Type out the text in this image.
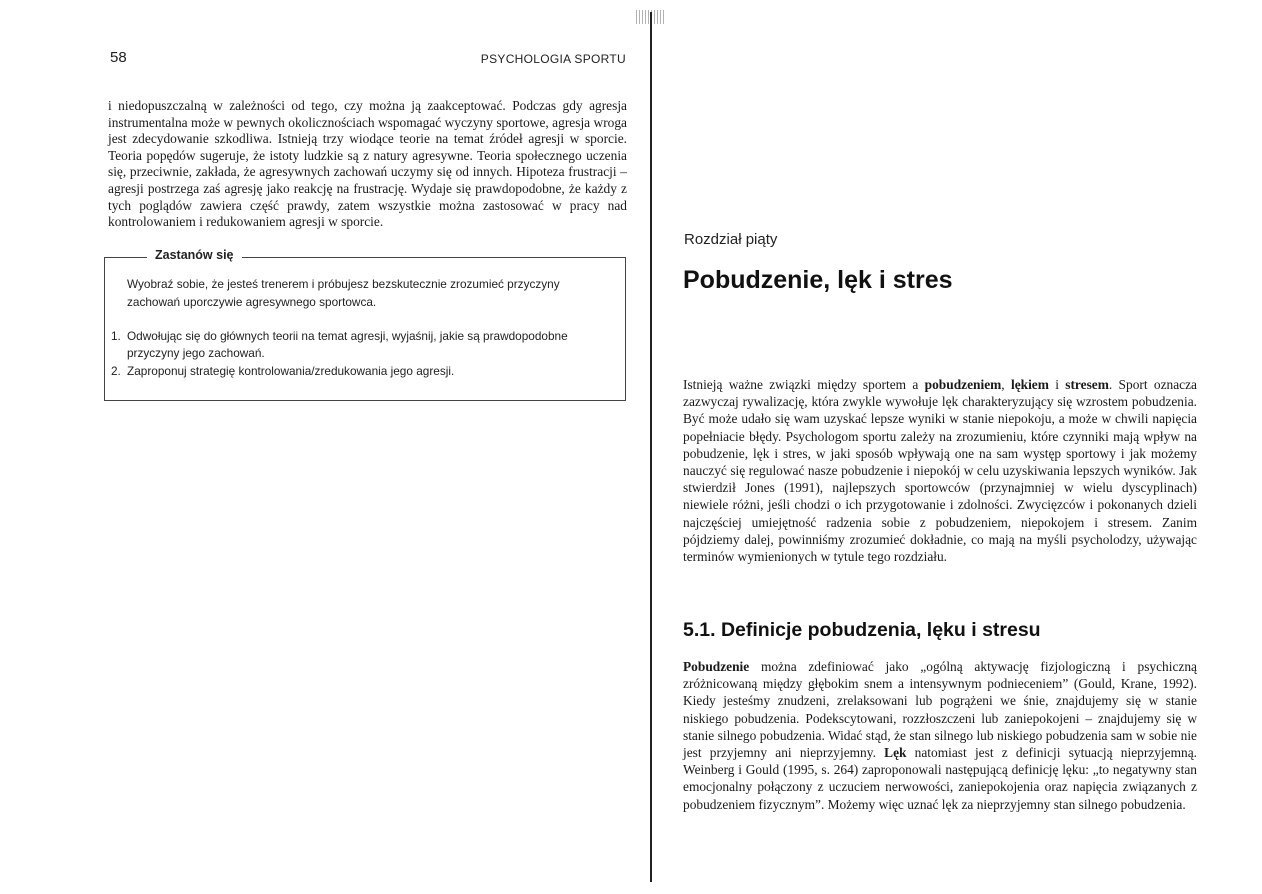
58	PSYCHOLOGIA SPORTU

i niedopuszczalną w zależności od tego, czy można ją zaakceptować. Podczas gdy agresja instrumentalna może w pewnych okolicznościach wspomagać wyczyny sportowe, agresja wroga jest zdecydowanie szkodliwa. Istnieją trzy wiodące teorie na temat źródeł agresji w sporcie. Teoria popędów sugeruje, że istoty ludzkie są z natury agresywne. Teoria społecznego uczenia się, przeciwnie, zakłada, że agresywnych zachowań uczymy się od innych. Hipoteza frustracji – agresji postrzega zaś agresję jako reakcję na frustrację. Wydaje się prawdopodobne, że każdy z tych poglądów zawiera część prawdy, zatem wszystkie można zastosować w pracy nad kontrolowaniem i redukowaniem agresji w sporcie.

Zastanów się

Wyobraź sobie, że jesteś trenerem i próbujesz bezskutecznie zrozumieć przyczyny zachowań uporczywie agresywnego sportowca.

1. Odwołując się do głównych teorii na temat agresji, wyjaśnij, jakie są prawdopodobne przyczyny jego zachowań.
2. Zaproponuj strategię kontrolowania/zredukowania jego agresji.
Rozdział piąty
Pobudzenie, lęk i stres

Istnieją ważne związki między sportem a pobudzeniem, lękiem i stresem. Sport oznacza zazwyczaj rywalizację, która zwykle wywołuje lęk charakteryzujący się wzrostem pobudzenia. Być może udało się wam uzyskać lepsze wyniki w stanie niepokoju, a może w chwili napięcia popełniacie błędy. Psychologom sportu zależy na zrozumieniu, które czynniki mają wpływ na pobudzenie, lęk i stres, w jaki sposób wpływają one na sam występ sportowy i jak możemy nauczyć się regulować nasze pobudzenie i niepokój w celu uzyskiwania lepszych wyników. Jak stwierdził Jones (1991), najlepszych sportowców (przynajmniej w wielu dyscyplinach) niewiele różni, jeśli chodzi o ich przygotowanie i zdolności. Zwycięzców i pokonanych dzieli najczęściej umiejętność radzenia sobie z pobudzeniem, niepokojem i stresem. Zanim pójdziemy dalej, powinniśmy zrozumieć dokładnie, co mają na myśli psycholodzy, używając terminów wymienionych w tytule tego rozdziału.

5.1. Definicje pobudzenia, lęku i stresu

Pobudzenie można zdefiniować jako „ogólną aktywację fizjologiczną i psychiczną zróżnicowaną między głębokim snem a intensywnym podnieceniem” (Gould, Krane, 1992). Kiedy jesteśmy znudzeni, zrelaksowani lub pogrążeni we śnie, znajdujemy się w stanie niskiego pobudzenia. Podekscytowani, rozzłoszczeni lub zaniepokojeni – znajdujemy się w stanie silnego pobudzenia. Widać stąd, że stan silnego lub niskiego pobudzenia sam w sobie nie jest przyjemny ani nieprzyjemny. Lęk natomiast jest z definicji sytuacją nieprzyjemną. Weinberg i Gould (1995, s. 264) zaproponowali następującą definicję lęku: „to negatywny stan emocjonalny połączony z uczuciem nerwowości, zaniepokojenia oraz napięcia związanych z pobudzeniem fizycznym”. Możemy więc uznać lęk za nieprzyjemny stan silnego pobudzenia.
